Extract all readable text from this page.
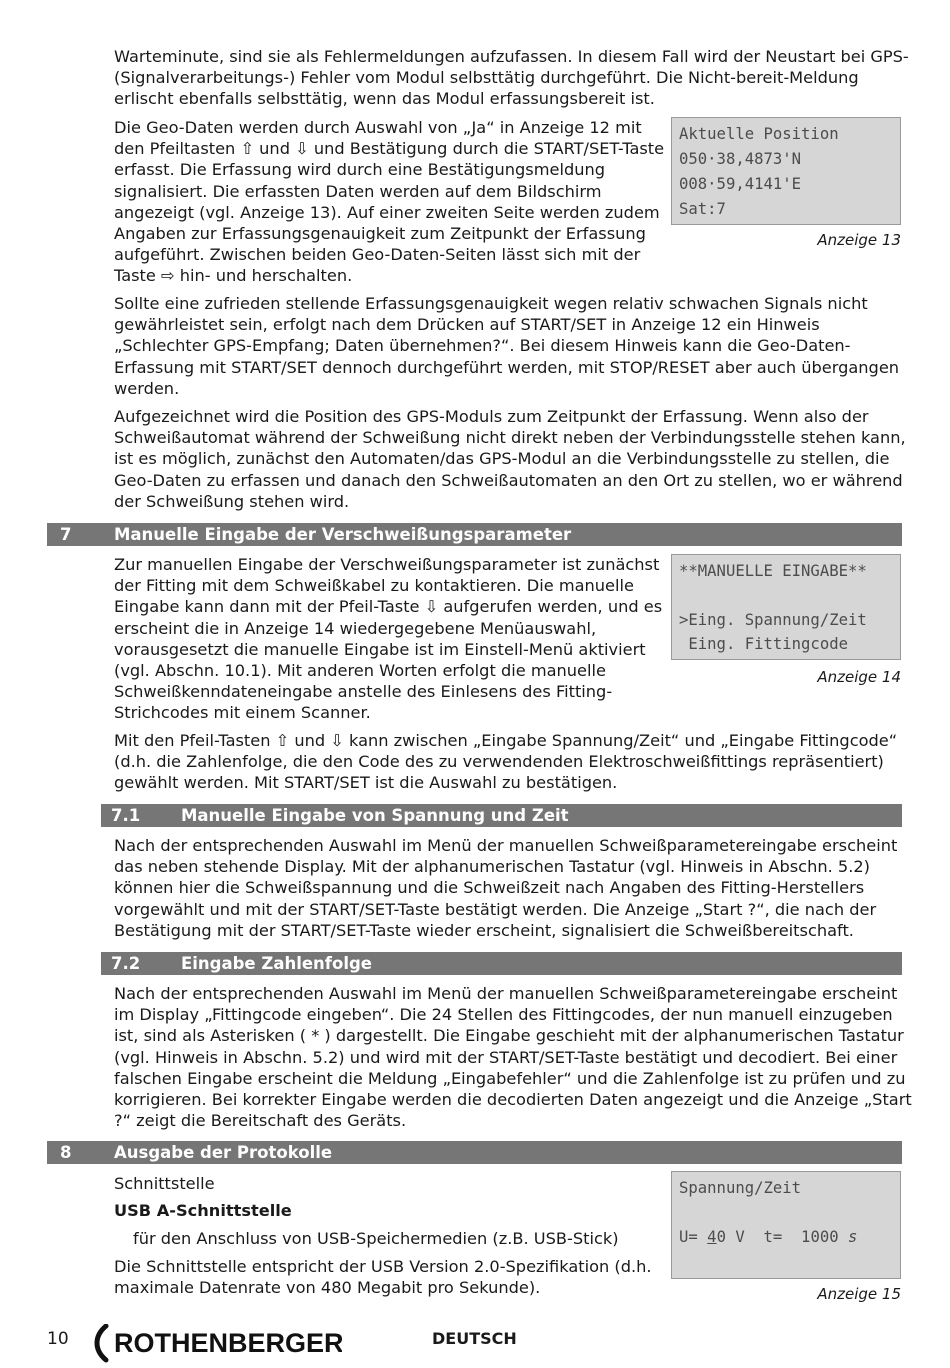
Warteminute, sind sie als Fehlermeldungen aufzufassen. In diesem Fall wird der Neustart bei GPS- (Signalverarbeitungs-) Fehler vom Modul selbsttätig durchgeführt. Die Nicht-bereit-Meldung erlischt ebenfalls selbsttätig, wenn das Modul erfassungsbereit ist.

Die Geo-Daten werden durch Auswahl von „Ja“ in Anzeige 12 mit den Pfeiltasten ⇧ und ⇩ und Bestätigung durch die START/SET-Taste erfasst. Die Erfassung wird durch eine Bestätigungsmeldung signalisiert. Die erfassten Daten werden auf dem Bildschirm angezeigt (vgl. Anzeige 13). Auf einer zweiten Seite werden zudem Angaben zur Erfassungsgenauigkeit zum Zeitpunkt der Erfassung aufgeführt. Zwischen beiden Geo-Daten-Seiten lässt sich mit der Taste ⇨ hin- und herschalten.

Aktuelle Position
050·38,4873'N
008·59,4141'E
Sat:7
Anzeige 13

Sollte eine zufrieden stellende Erfassungsgenauigkeit wegen relativ schwachen Signals nicht gewährleistet sein, erfolgt nach dem Drücken auf START/SET in Anzeige 12 ein Hinweis „Schlechter GPS-Empfang; Daten übernehmen?“. Bei diesem Hinweis kann die Geo-Daten-Erfassung mit START/SET dennoch durchgeführt werden, mit STOP/RESET aber auch übergangen werden.

Aufgezeichnet wird die Position des GPS-Moduls zum Zeitpunkt der Erfassung. Wenn also der Schweißautomat während der Schweißung nicht direkt neben der Verbindungsstelle stehen kann, ist es möglich, zunächst den Automaten/das GPS-Modul an die Verbindungsstelle zu stellen, die Geo-Daten zu erfassen und danach den Schweißautomaten an den Ort zu stellen, wo er während der Schweißung stehen wird.

7	Manuelle Eingabe der Verschweißungsparameter

Zur manuellen Eingabe der Verschweißungsparameter ist zunächst der Fitting mit dem Schweißkabel zu kontaktieren. Die manuelle Eingabe kann dann mit der Pfeil-Taste ⇩ aufgerufen werden, und es erscheint die in Anzeige 14 wiedergegebene Menüauswahl, vorausgesetzt die manuelle Eingabe ist im Einstell-Menü aktiviert (vgl. Abschn. 10.1). Mit anderen Worten erfolgt die manuelle Schweißkenndateneingabe anstelle des Einlesens des Fitting-Strichcodes mit einem Scanner.

**MANUELLE EINGABE**
>Eing. Spannung/Zeit
Eing. Fittingcode
Anzeige 14

Mit den Pfeil-Tasten ⇧ und ⇩ kann zwischen „Eingabe Spannung/Zeit“ und „Eingabe Fittingcode“ (d.h. die Zahlenfolge, die den Code des zu verwendenden Elektroschweißfittings repräsentiert) gewählt werden. Mit START/SET ist die Auswahl zu bestätigen.

7.1 Manuelle Eingabe von Spannung und Zeit

Nach der entsprechenden Auswahl im Menü der manuellen Schweißparametereingabe erscheint das neben stehende Display. Mit der alphanumerischen Tastatur (vgl. Hinweis in Abschn. 5.2) können hier die Schweißspannung und die Schweißzeit nach Angaben des Fitting-Herstellers vorgewählt und mit der START/SET-Taste bestätigt werden. Die Anzeige „Start ?“, die nach der Bestätigung mit der START/SET-Taste wieder erscheint, signalisiert die Schweißbereitschaft.

7.2 Eingabe Zahlenfolge

Nach der entsprechenden Auswahl im Menü der manuellen Schweißparametereingabe erscheint im Display „Fittingcode eingeben“. Die 24 Stellen des Fittingcodes, der nun manuell einzugeben ist, sind als Asterisken ( * ) dargestellt. Die Eingabe geschieht mit der alphanumerischen Tastatur (vgl. Hinweis in Abschn. 5.2) und wird mit der START/SET-Taste bestätigt und decodiert. Bei einer falschen Eingabe erscheint die Meldung „Eingabefehler“ und die Zahlenfolge ist zu prüfen und zu korrigieren. Bei korrekter Eingabe werden die decodierten Daten angezeigt und die Anzeige „Start ?“ zeigt die Bereitschaft des Geräts.

8	Ausgabe der Protokolle

Schnittstelle

USB A-Schnittstelle

für den Anschluss von USB-Speichermedien (z.B. USB-Stick)

Die Schnittstelle entspricht der USB Version 2.0-Spezifikation (d.h. maximale Datenrate von 480 Megabit pro Sekunde).

Spannung/Zeit
U= 40 V  t=  1000 s
Anzeige 15
10 ROTHENBERGER	DEUTSCH
